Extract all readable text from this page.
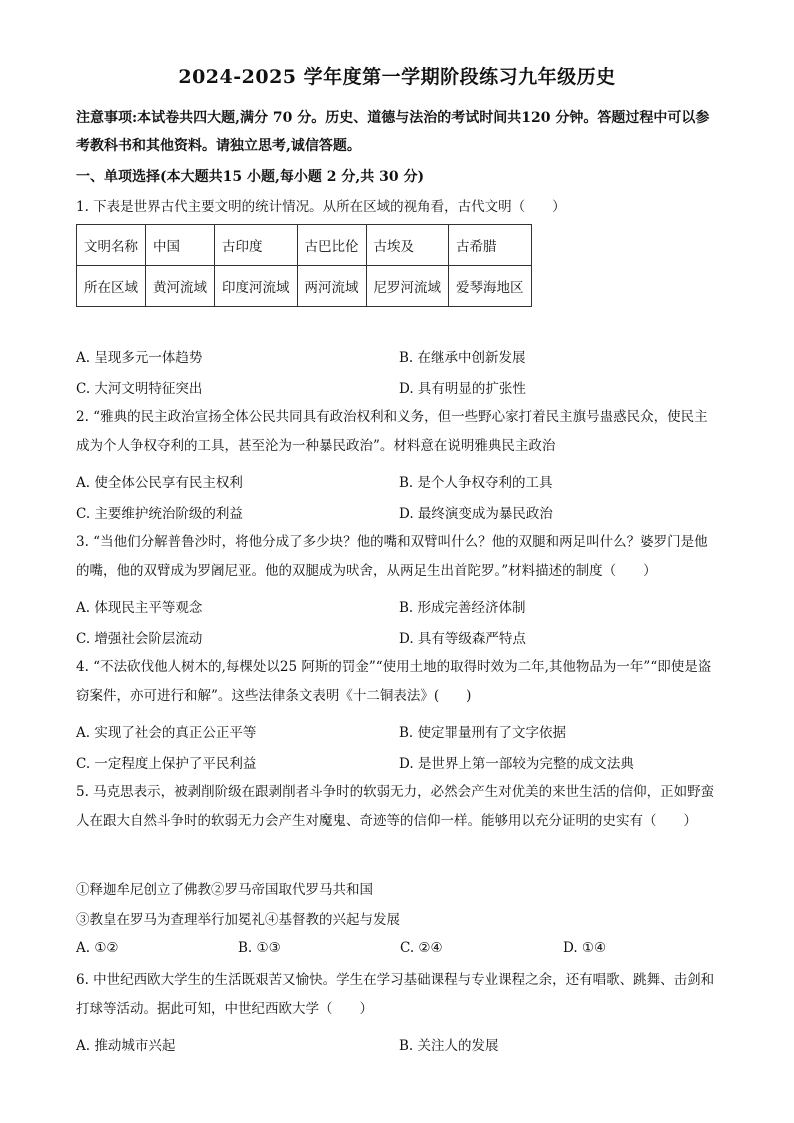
2024-2025 学年度第一学期阶段练习九年级历史
注意事项:本试卷共四大题,满分 70 分。历史、道德与法治的考试时间共120 分钟。答题过程中可以参考教科书和其他资料。请独立思考,诚信答题。
一、单项选择(本大题共15 小题,每小题 2 分,共 30 分)
1. 下表是世界古代主要文明的统计情况。从所在区域的视角看，古代文明（　　）
文明名称	中国	古印度	古巴比伦	古埃及	古希腊
所在区域	黄河流域	印度河流域	两河流域	尼罗河流域	爱琴海地区
A. 呈现多元一体趋势	B. 在继承中创新发展
C. 大河文明特征突出	D. 具有明显的扩张性
2. “雅典的民主政治宣扬全体公民共同具有政治权利和义务，但一些野心家打着民主旗号蛊惑民众，使民主成为个人争权夺利的工具，甚至沦为一种暴民政治”。材料意在说明雅典民主政治
A. 使全体公民享有民主权利	B. 是个人争权夺利的工具
C. 主要维护统治阶级的利益	D. 最终演变成为暴民政治
3. “当他们分解普鲁沙时，将他分成了多少块？他的嘴和双臂叫什么？他的双腿和两足叫什么？婆罗门是他的嘴，他的双臂成为罗阇尼亚。他的双腿成为吠舍，从两足生出首陀罗。”材料描述的制度（　　）
A. 体现民主平等观念	B. 形成完善经济体制
C. 增强社会阶层流动	D. 具有等级森严特点
4. “不法砍伐他人树木的,每棵处以25 阿斯的罚金”“使用土地的取得时效为二年,其他物品为一年”“即使是盗窃案件，亦可进行和解”。这些法律条文表明《十二铜表法》(　　)
A. 实现了社会的真正公正平等	B. 使定罪量刑有了文字依据
C. 一定程度上保护了平民利益	D. 是世界上第一部较为完整的成文法典
5. 马克思表示，被剥削阶级在跟剥削者斗争时的软弱无力，必然会产生对优美的来世生活的信仰，正如野蛮人在跟大自然斗争时的软弱无力会产生对魔鬼、奇迹等的信仰一样。能够用以充分证明的史实有（　　）
①释迦牟尼创立了佛教②罗马帝国取代罗马共和国
③教皇在罗马为查理举行加冕礼④基督教的兴起与发展
A. ①②	B. ①③	C. ②④	D. ①④
6. 中世纪西欧大学生的生活既艰苦又愉快。学生在学习基础课程与专业课程之余，还有唱歌、跳舞、击剑和打球等活动。据此可知，中世纪西欧大学（　　）
A. 推动城市兴起	B. 关注人的发展
